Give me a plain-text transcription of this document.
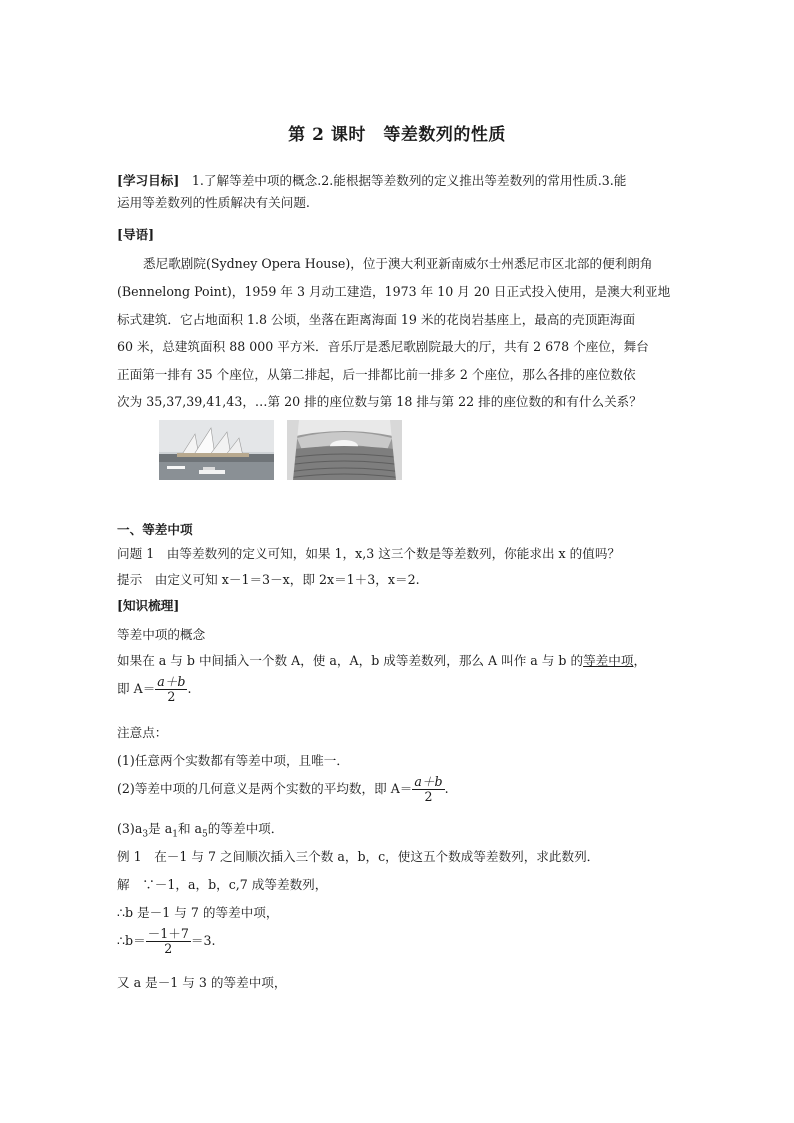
第 2 课时　等差数列的性质

[学习目标]　1.了解等差中项的概念.2.能根据等差数列的定义推出等差数列的常用性质.3.能
运用等差数列的性质解决有关问题.

[导语]

悉尼歌剧院(Sydney Opera House)，位于澳大利亚新南威尔士州悉尼市区北部的便利朗角

(Bennelong Point)，1959 年 3 月动工建造，1973 年 10 月 20 日正式投入使用，是澳大利亚地

标式建筑．它占地面积 1.8 公顷，坐落在距离海面 19 米的花岗岩基座上，最高的壳顶距海面

60 米，总建筑面积 88 000 平方米．音乐厅是悉尼歌剧院最大的厅，共有 2 678 个座位，舞台

正面第一排有 35 个座位，从第二排起，后一排都比前一排多 2 个座位，那么各排的座位数依

次为 35,37,39,41,43，…第 20 排的座位数与第 18 排与第 22 排的座位数的和有什么关系？

一、等差中项

问题 1　由等差数列的定义可知，如果 1，x,3 这三个数是等差数列，你能求出 x 的值吗？

提示　由定义可知 x－1＝3－x，即 2x＝1＋3，x＝2.

[知识梳理]

等差中项的概念

如果在 a 与 b 中间插入一个数 A，使 a，A，b 成等差数列，那么 A 叫作 a 与 b 的等差中项，

即 $A= \frac{a+b}{2}$ .

注意点：

(1)任意两个实数都有等差中项，且唯一．

(2)等差中项的几何意义是两个实数的平均数，即 $A= \frac{a+b}{2}$ .

$(3)a_3$是 $a_1$和 $a_5$的等差中项．

例 1　在－1 与 7 之间顺次插入三个数 a，b，c，使这五个数成等差数列，求此数列．

解　∵－1，a，b，c,7 成等差数列，

∴b 是－1 与 7 的等差中项，

∴b＝ $\frac{-1+7}{2} =3$.

又 a 是－1 与 3 的等差中项，
